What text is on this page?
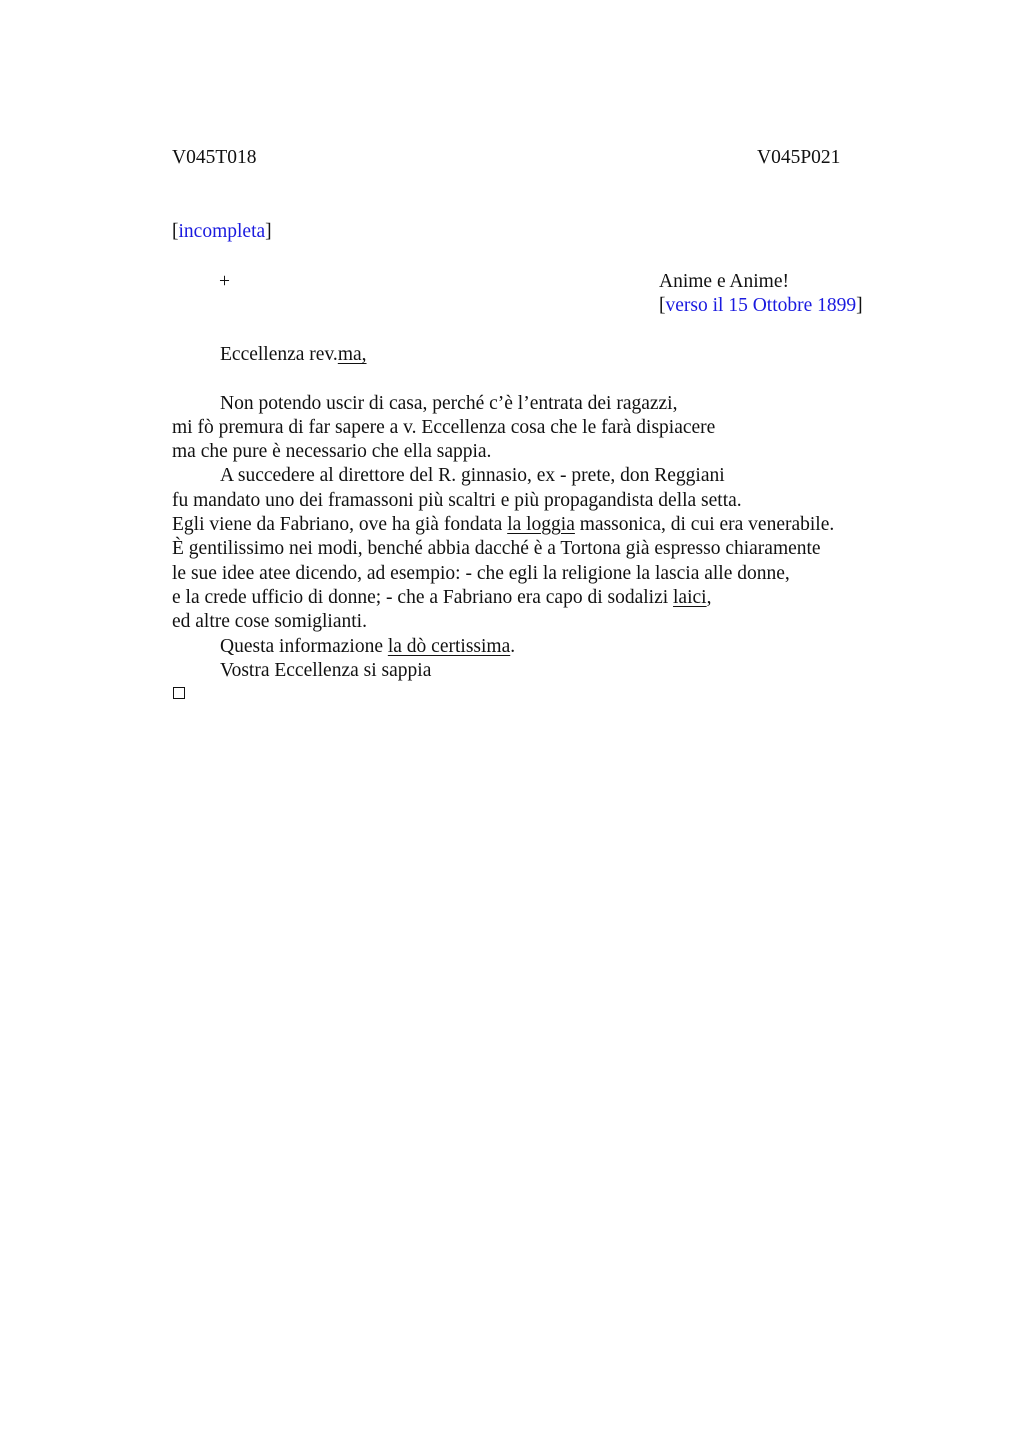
V045T018	V045P021
[incompleta]
+	Anime e Anime!
[verso il 15 Ottobre 1899]
Eccellenza rev.ma,
Non potendo uscir di casa, perché c’è l’entrata dei ragazzi,
mi fò premura di far sapere a v. Eccellenza cosa che le farà dispiacere
ma che pure è necessario che ella sappia.
A succedere al direttore del R. ginnasio, ex - prete, don Reggiani
fu mandato uno dei framassoni più scaltri e più propagandista della setta.
Egli viene da Fabriano, ove ha già fondata la loggia massonica, di cui era venerabile.
È gentilissimo nei modi, benché abbia dacché è a Tortona già espresso chiaramente
le sue idee atee dicendo, ad esempio: - che egli la religione la lascia alle donne,
e la crede ufficio di donne; - che a Fabriano era capo di sodalizi laici,
ed altre cose somiglianti.
Questa informazione la dò certissima.
Vostra Eccellenza si sappia
